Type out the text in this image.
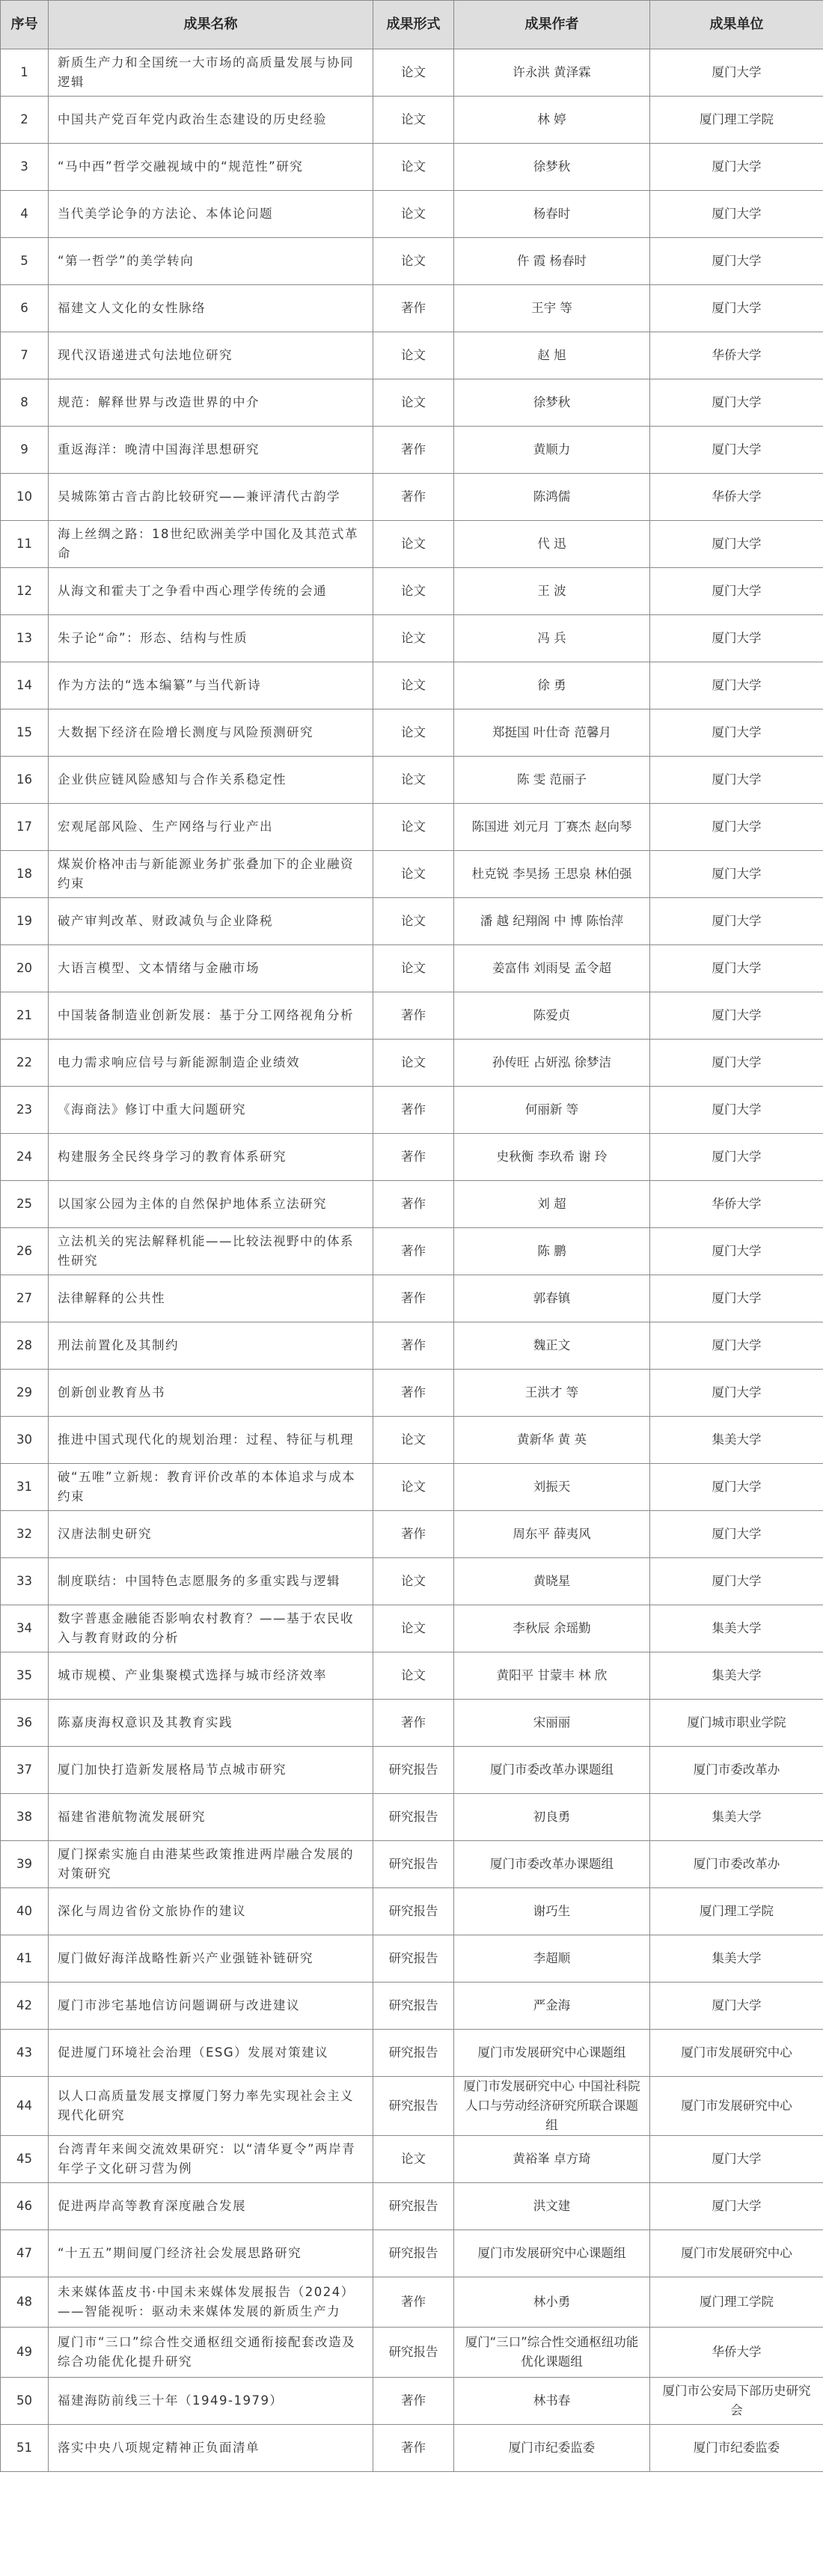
序号	成果名称	成果形式	成果作者	成果单位
1	新质生产力和全国统一大市场的高质量发展与协同逻辑	论文	许永洪 黄泽霖	厦门大学
2	中国共产党百年党内政治生态建设的历史经验	论文	林 婷	厦门理工学院
3	“马中西”哲学交融视域中的“规范性”研究	论文	徐梦秋	厦门大学
4	当代美学论争的方法论、本体论问题	论文	杨春时	厦门大学
5	“第一哲学”的美学转向	论文	仵 霞 杨春时	厦门大学
6	福建文人文化的女性脉络	著作	王宇 等	厦门大学
7	现代汉语递进式句法地位研究	论文	赵 旭	华侨大学
8	规范：解释世界与改造世界的中介	论文	徐梦秋	厦门大学
9	重返海洋：晚清中国海洋思想研究	著作	黄顺力	厦门大学
10	吴城陈第古音古韵比较研究——兼评清代古韵学	著作	陈鸿儒	华侨大学
11	海上丝绸之路：18世纪欧洲美学中国化及其范式革命	论文	代 迅	厦门大学
12	从海文和霍夫丁之争看中西心理学传统的会通	论文	王 波	厦门大学
13	朱子论“命”：形态、结构与性质	论文	冯 兵	厦门大学
14	作为方法的“选本编纂”与当代新诗	论文	徐 勇	厦门大学
15	大数据下经济在险增长测度与风险预测研究	论文	郑挺国 叶仕奇 范馨月	厦门大学
16	企业供应链风险感知与合作关系稳定性	论文	陈 雯 范丽子	厦门大学
17	宏观尾部风险、生产网络与行业产出	论文	陈国进 刘元月 丁赛杰 赵向琴	厦门大学
18	煤炭价格冲击与新能源业务扩张叠加下的企业融资约束	论文	杜克锐 李昊扬 王思泉 林伯强	厦门大学
19	破产审判改革、财政减负与企业降税	论文	潘 越 纪翔阁 中 博 陈怡萍	厦门大学
20	大语言模型、文本情绪与金融市场	论文	姜富伟 刘雨旻 孟令超	厦门大学
21	中国装备制造业创新发展：基于分工网络视角分析	著作	陈爱贞	厦门大学
22	电力需求响应信号与新能源制造企业绩效	论文	孙传旺 占妍泓 徐梦洁	厦门大学
23	《海商法》修订中重大问题研究	著作	何丽新 等	厦门大学
24	构建服务全民终身学习的教育体系研究	著作	史秋衡 李玖希 谢 玲	厦门大学
25	以国家公园为主体的自然保护地体系立法研究	著作	刘 超	华侨大学
26	立法机关的宪法解释机能——比较法视野中的体系性研究	著作	陈 鹏	厦门大学
27	法律解释的公共性	著作	郭春镇	厦门大学
28	刑法前置化及其制约	著作	魏正文	厦门大学
29	创新创业教育丛书	著作	王洪才 等	厦门大学
30	推进中国式现代化的规划治理：过程、特征与机理	论文	黄新华 黄 英	集美大学
31	破“五唯”立新规：教育评价改革的本体追求与成本约束	论文	刘振天	厦门大学
32	汉唐法制史研究	著作	周东平 薛夷风	厦门大学
33	制度联结：中国特色志愿服务的多重实践与逻辑	论文	黄晓星	厦门大学
34	数字普惠金融能否影响农村教育？——基于农民收入与教育财政的分析	论文	李秋辰 余瑶勤	集美大学
35	城市规模、产业集聚模式选择与城市经济效率	论文	黄阳平 甘蒙丰 林 欣	集美大学
36	陈嘉庚海权意识及其教育实践	著作	宋丽丽	厦门城市职业学院
37	厦门加快打造新发展格局节点城市研究	研究报告	厦门市委改革办课题组	厦门市委改革办
38	福建省港航物流发展研究	研究报告	初良勇	集美大学
39	厦门探索实施自由港某些政策推进两岸融合发展的对策研究	研究报告	厦门市委改革办课题组	厦门市委改革办
40	深化与周边省份文旅协作的建议	研究报告	谢巧生	厦门理工学院
41	厦门做好海洋战略性新兴产业强链补链研究	研究报告	李超顺	集美大学
42	厦门市涉宅基地信访问题调研与改进建议	研究报告	严金海	厦门大学
43	促进厦门环境社会治理（ESG）发展对策建议	研究报告	厦门市发展研究中心课题组	厦门市发展研究中心
44	以人口高质量发展支撑厦门努力率先实现社会主义现代化研究	研究报告	厦门市发展研究中心 中国社科院人口与劳动经济研究所联合课题组	厦门市发展研究中心
45	台湾青年来闽交流效果研究：以“清华夏令”两岸青年学子文化研习营为例	论文	黄裕峯 卓方琦	厦门大学
46	促进两岸高等教育深度融合发展	研究报告	洪文建	厦门大学
47	“十五五”期间厦门经济社会发展思路研究	研究报告	厦门市发展研究中心课题组	厦门市发展研究中心
48	未来媒体蓝皮书·中国未来媒体发展报告（2024）——智能视听：驱动未来媒体发展的新质生产力	著作	林小勇	厦门理工学院
49	厦门市“三口”综合性交通枢纽交通衔接配套改造及综合功能优化提升研究	研究报告	厦门“三口”综合性交通枢纽功能优化课题组	华侨大学
50	福建海防前线三十年（1949-1979）	著作	林书春	厦门市公安局下部历史研究会
51	落实中央八项规定精神正负面清单	著作	厦门市纪委监委	厦门市纪委监委
